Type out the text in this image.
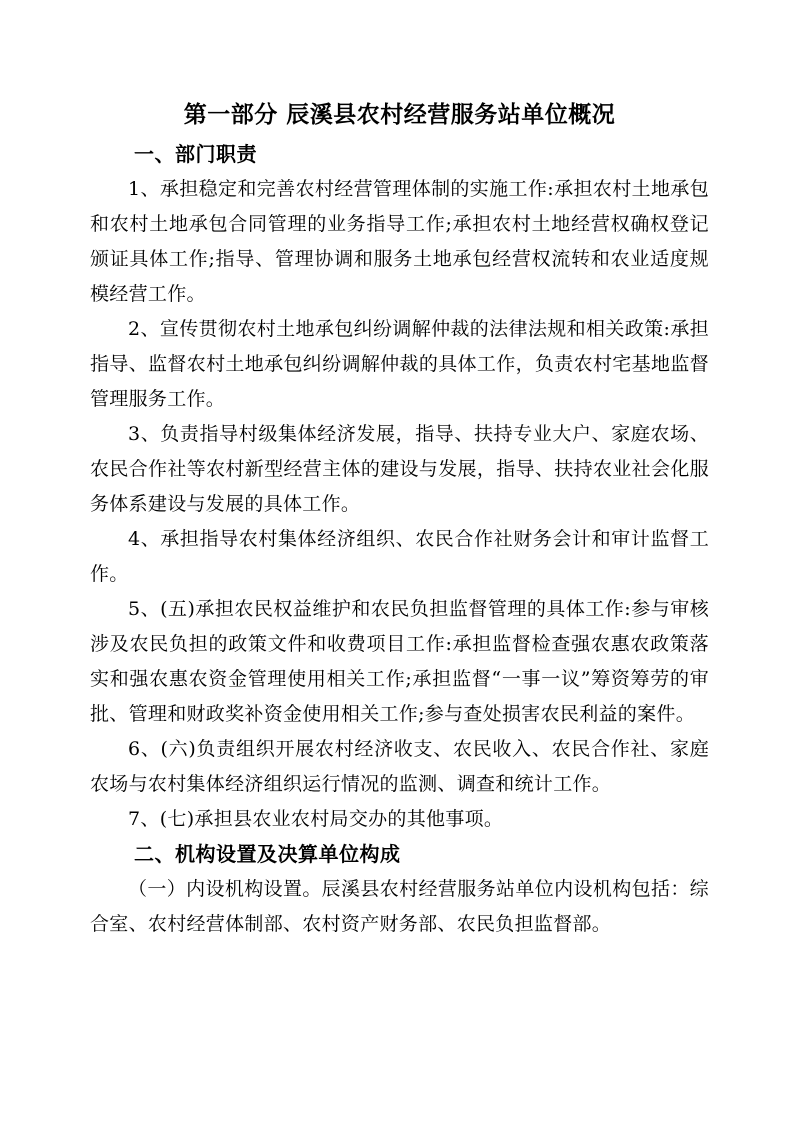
第一部分 辰溪县农村经营服务站单位概况
一、部门职责

1、承担稳定和完善农村经营管理体制的实施工作:承担农村土地承包和农村土地承包合同管理的业务指导工作;承担农村土地经营权确权登记颁证具体工作;指导、管理协调和服务土地承包经营权流转和农业适度规模经营工作。

2、宣传贯彻农村土地承包纠纷调解仲裁的法律法规和相关政策:承担指导、监督农村土地承包纠纷调解仲裁的具体工作，负责农村宅基地监督管理服务工作。

3、负责指导村级集体经济发展，指导、扶持专业大户、家庭农场、农民合作社等农村新型经营主体的建设与发展，指导、扶持农业社会化服务体系建设与发展的具体工作。

4、承担指导农村集体经济组织、农民合作社财务会计和审计监督工作。

5、(五)承担农民权益维护和农民负担监督管理的具体工作:参与审核涉及农民负担的政策文件和收费项目工作:承担监督检查强农惠农政策落实和强农惠农资金管理使用相关工作;承担监督“一事一议”筹资筹劳的审批、管理和财政奖补资金使用相关工作;参与查处损害农民利益的案件。

6、(六)负责组织开展农村经济收支、农民收入、农民合作社、家庭农场与农村集体经济组织运行情况的监测、调查和统计工作。

7、(七)承担县农业农村局交办的其他事项。

二、机构设置及决算单位构成

（一）内设机构设置。辰溪县农村经营服务站单位内设机构包括：综合室、农村经营体制部、农村资产财务部、农民负担监督部。
